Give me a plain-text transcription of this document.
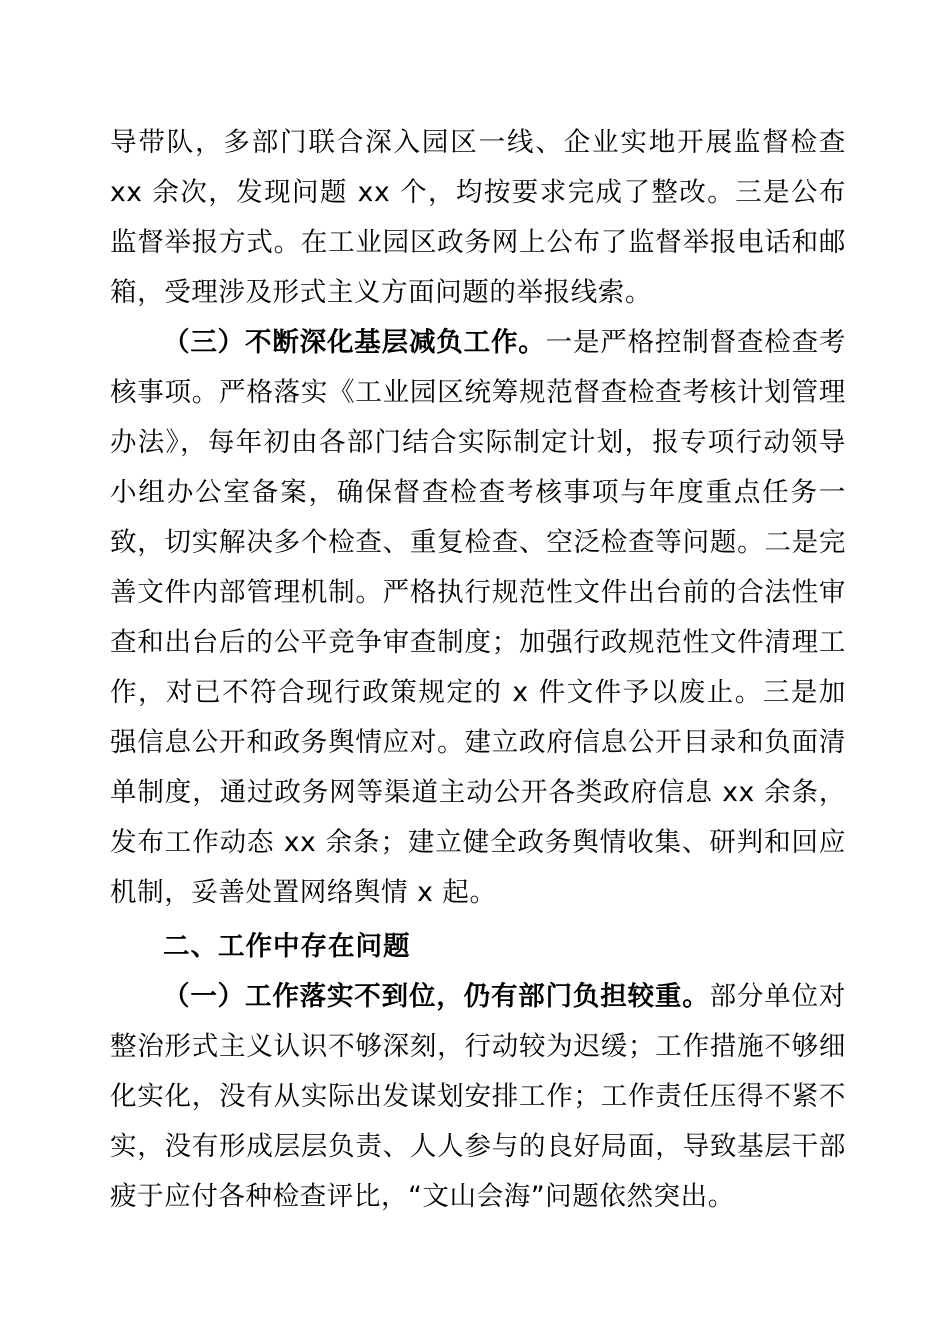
导带队，多部门联合深入园区一线、企业实地开展监督检查 xx 余次，发现问题 xx 个，均按要求完成了整改。三是公布监督举报方式。在工业园区政务网上公布了监督举报电话和邮箱，受理涉及形式主义方面问题的举报线索。

（三）不断深化基层减负工作。一是严格控制督查检查考核事项。严格落实《工业园区统筹规范督查检查考核计划管理办法》，每年初由各部门结合实际制定计划，报专项行动领导小组办公室备案，确保督查检查考核事项与年度重点任务一致，切实解决多个检查、重复检查、空泛检查等问题。二是完善文件内部管理机制。严格执行规范性文件出台前的合法性审查和出台后的公平竞争审查制度；加强行政规范性文件清理工作，对已不符合现行政策规定的 x 件文件予以废止。三是加强信息公开和政务舆情应对。建立政府信息公开目录和负面清单制度，通过政务网等渠道主动公开各类政府信息 xx 余条，发布工作动态 xx 余条；建立健全政务舆情收集、研判和回应机制，妥善处置网络舆情 x 起。

二、工作中存在问题

（一）工作落实不到位，仍有部门负担较重。部分单位对整治形式主义认识不够深刻，行动较为迟缓；工作措施不够细化实化，没有从实际出发谋划安排工作；工作责任压得不紧不实，没有形成层层负责、人人参与的良好局面，导致基层干部疲于应付各种检查评比，“文山会海”问题依然突出。
